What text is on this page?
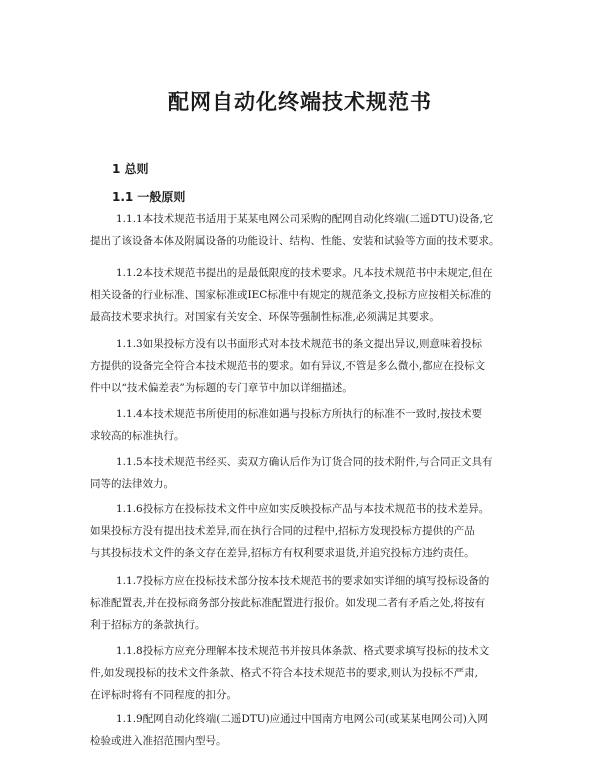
配网自动化终端技术规范书
1 总则
1.1 一般原则
1.1.1本技术规范书适用于某某电网公司采购的配网自动化终端(二遥DTU)设备,它
提出了该设备本体及附属设备的功能设计、结构、性能、安装和试验等方面的技术要求。
1.1.2本技术规范书提出的是最低限度的技术要求。凡本技术规范书中未规定,但在
相关设备的行业标准、国家标准或IEC标准中有规定的规范条文,投标方应按相关标准的
最高技术要求执行。对国家有关安全、环保等强制性标准,必须满足其要求。
1.1.3如果投标方没有以书面形式对本技术规范书的条文提出异议,则意味着投标
方提供的设备完全符合本技术规范书的要求。如有异议,不管是多么微小,都应在投标文
件中以“技术偏差表”为标题的专门章节中加以详细描述。
1.1.4本技术规范书所使用的标准如遇与投标方所执行的标准不一致时,按技术要
求较高的标准执行。
1.1.5本技术规范书经买、卖双方确认后作为订货合同的技术附件,与合同正文具有
同等的法律效力。
1.1.6投标方在投标技术文件中应如实反映投标产品与本技术规范书的技术差异。
如果投标方没有提出技术差异,而在执行合同的过程中,招标方发现投标方提供的产品
与其投标技术文件的条文存在差异,招标方有权利要求退货,并追究投标方违约责任。
1.1.7投标方应在投标技术部分按本技术规范书的要求如实详细的填写投标设备的
标准配置表,并在投标商务部分按此标准配置进行报价。如发现二者有矛盾之处,将按有
利于招标方的条款执行。
1.1.8投标方应充分理解本技术规范书并按具体条款、格式要求填写投标的技术文
件,如发现投标的技术文件条款、格式不符合本技术规范书的要求,则认为投标不严肃,
在评标时将有不同程度的扣分。
1.1.9配网自动化终端(二遥DTU)应通过中国南方电网公司(或某某电网公司)入网
检验或进入准招范围内型号。
